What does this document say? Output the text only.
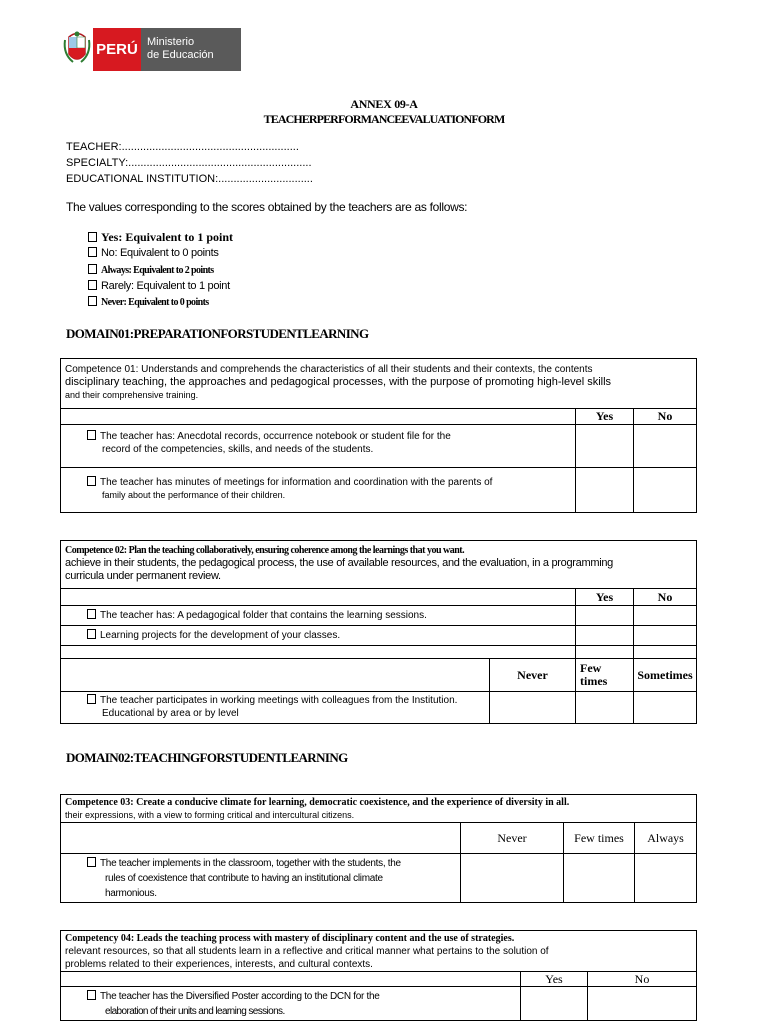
PERÚ Ministerio
de Educación
ANNEX 09-A
TEACHERPERFORMANCEEVALUATIONFORM
TEACHER:..........................................................
SPECIALTY:............................................................
EDUCATIONAL INSTITUTION:...............................
The values corresponding to the scores obtained by the teachers are as follows:
Yes: Equivalent to 1 point
No: Equivalent to 0 points
Always: Equivalent to 2 points
Rarely: Equivalent to 1 point
Never: Equivalent to 0 points
DOMAIN01:PREPARATIONFORSTUDENTLEARNING
Competence 01: Understands and comprehends the characteristics of all their students and their contexts, the contents
disciplinary teaching, the approaches and pedagogical processes, with the purpose of promoting high-level skills
and their comprehensive training.		

	Yes	No
The teacher has: Anecdotal records, occurrence notebook or student file for the
record of the competencies, skills, and needs of the students.		

The teacher has minutes of meetings for information and coordination with the parents of
family about the performance of their children.		

Competence 02: Plan the teaching collaboratively, ensuring coherence among the learnings that you want.
achieve in their students, the pedagogical process, the use of available resources, and the evaluation, in a programming
curricula under permanent review.			

		Yes	No
The teacher has: A pedagogical folder that contains the learning sessions.			
Learning projects for the development of your classes.			

	Never	Few times	Sometimes
The teacher participates in working meetings with colleagues from the Institution.
Educational by area or by level			

DOMAIN02:TEACHINGFORSTUDENTLEARNING
Competence 03: Create a conducive climate for learning, democratic coexistence, and the experience of diversity in all.
their expressions, with a view to forming critical and intercultural citizens.			

	Never	Few times	Always
The teacher implements in the classroom, together with the students, the
rules of coexistence that contribute to having an institutional climate
harmonious.			

Competency 04: Leads the teaching process with mastery of disciplinary content and the use of strategies.
relevant resources, so that all students learn in a reflective and critical manner what pertains to the solution of
problems related to their experiences, interests, and cultural contexts.		

	Yes	No
The teacher has the Diversified Poster according to the DCN for the
elaboration of their units and learning sessions.		
